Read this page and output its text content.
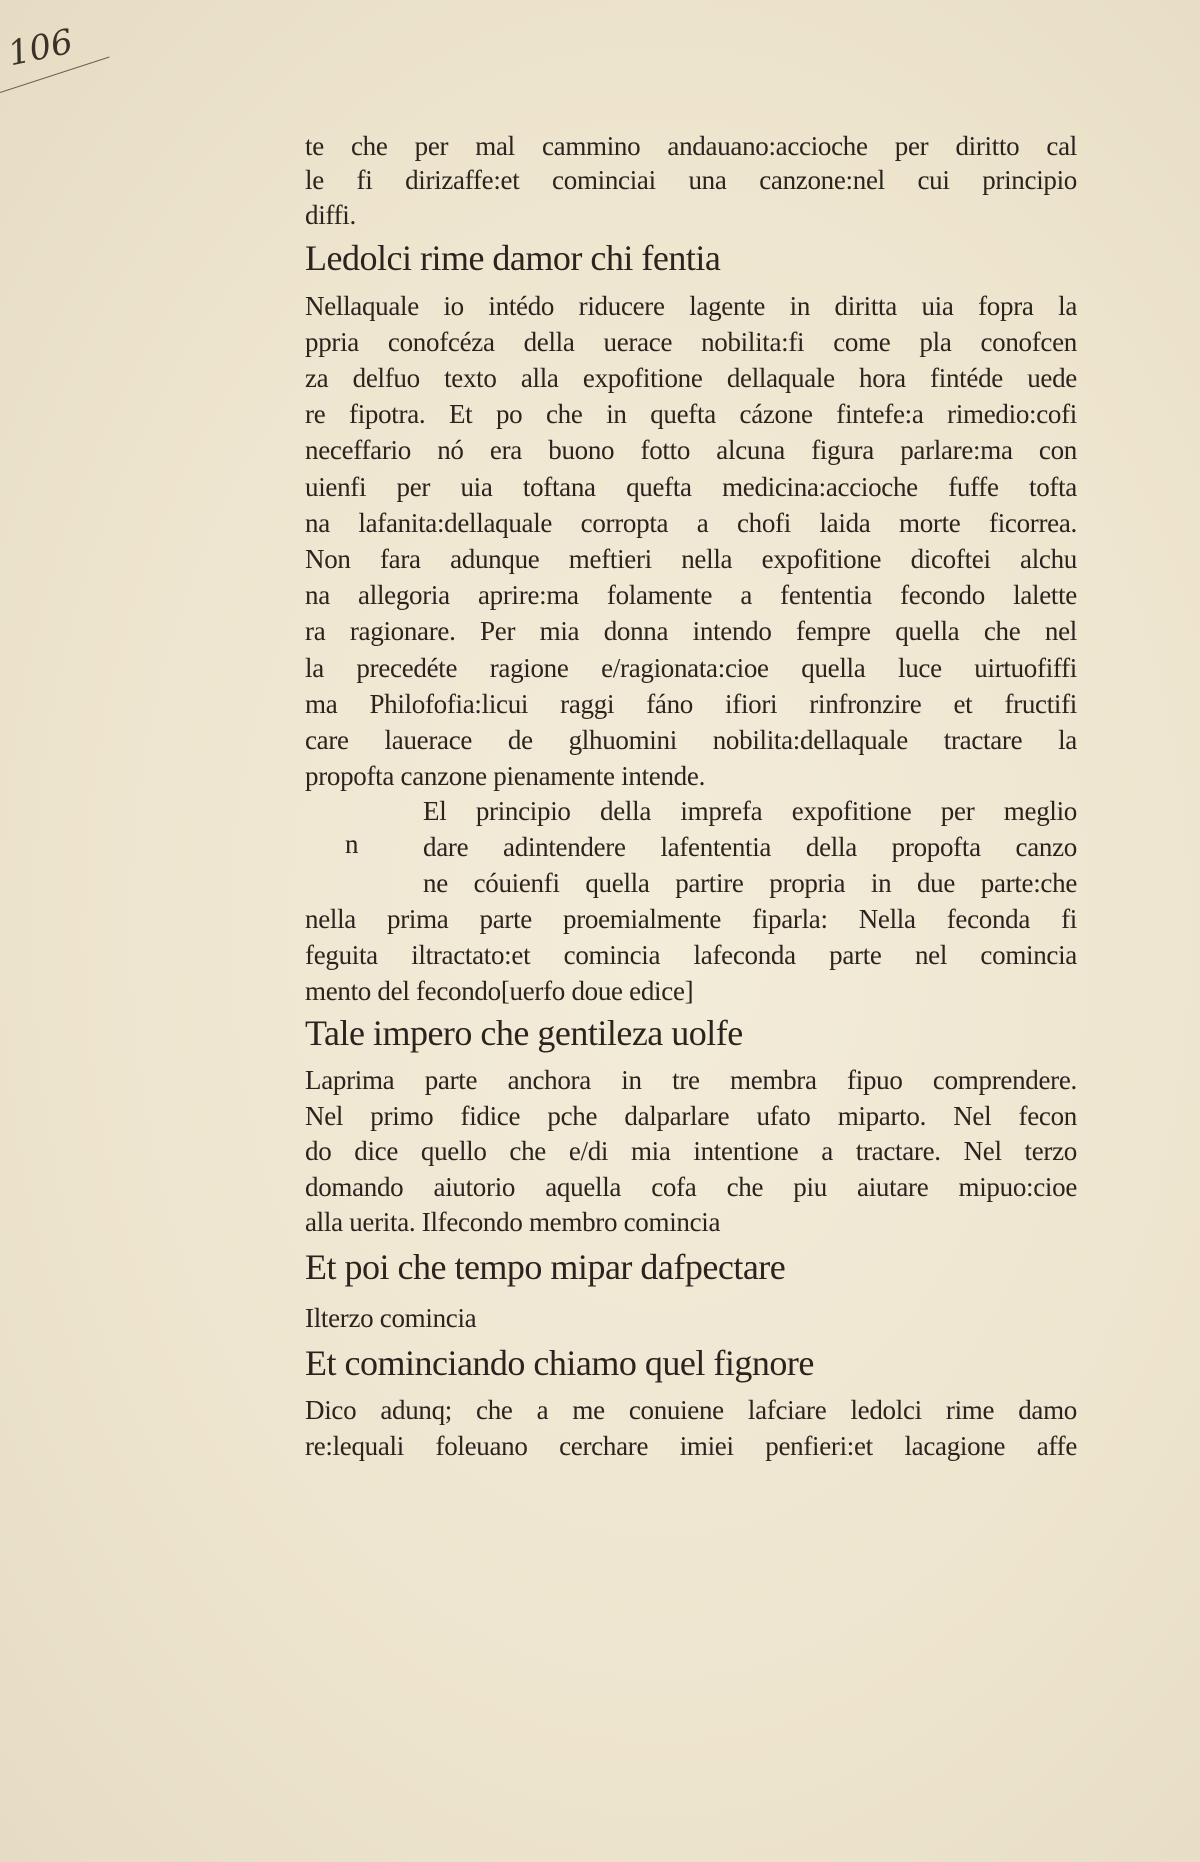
106
te che per mal cammino andauano:accioche per diritto cal
le fi dirizaffe:et cominciai una canzone:nel cui principio
diffi.
Ledolci rime damor chi fentia
Nellaquale io intédo riducere lagente in diritta uia fopra la
ppria conofcéza della uerace nobilita:fi come pla conofcen
za delfuo texto alla expofitione dellaquale hora fintéde uede
re fipotra. Et po che in quefta cázone fintefe:a rimedio:cofi
neceffario nó era buono fotto alcuna figura parlare:ma con
uienfi per uia toftana quefta medicina:accioche fuffe tofta
na lafanita:dellaquale corropta a chofi laida morte ficorrea.
Non fara adunque meftieri nella expofitione dicoftei alchu
na allegoria aprire:ma folamente a fententia fecondo lalette
ra ragionare. Per mia donna intendo fempre quella che nel
la precedéte ragione e/ragionata:cioe quella luce uirtuofiffi
ma Philofofia:licui raggi fáno ifiori rinfronzire et fructifi
care lauerace de glhuomini nobilita:dellaquale tractare la
propofta canzone pienamente intende.
n
El principio della imprefa expofitione per meglio
dare adintendere lafententia della propofta canzo
ne cóuienfi quella partire propria in due parte:che
nella prima parte proemialmente fiparla: Nella feconda fi
feguita iltractato:et comincia lafeconda parte nel comincia
mento del fecondo[uerfo doue edice]
Tale impero che gentileza uolfe
Laprima parte anchora in tre membra fipuo comprendere.
Nel primo fidice pche dalparlare ufato miparto. Nel fecon
do dice quello che e/di mia intentione a tractare. Nel terzo
domando aiutorio aquella cofa che piu aiutare mipuo:cioe
alla uerita. Ilfecondo membro comincia
Et poi che tempo mipar dafpectare
Ilterzo comincia
Et cominciando chiamo quel fignore
Dico adunq; che a me conuiene lafciare ledolci rime damo
re:lequali foleuano cerchare imiei penfieri:et lacagione affe
